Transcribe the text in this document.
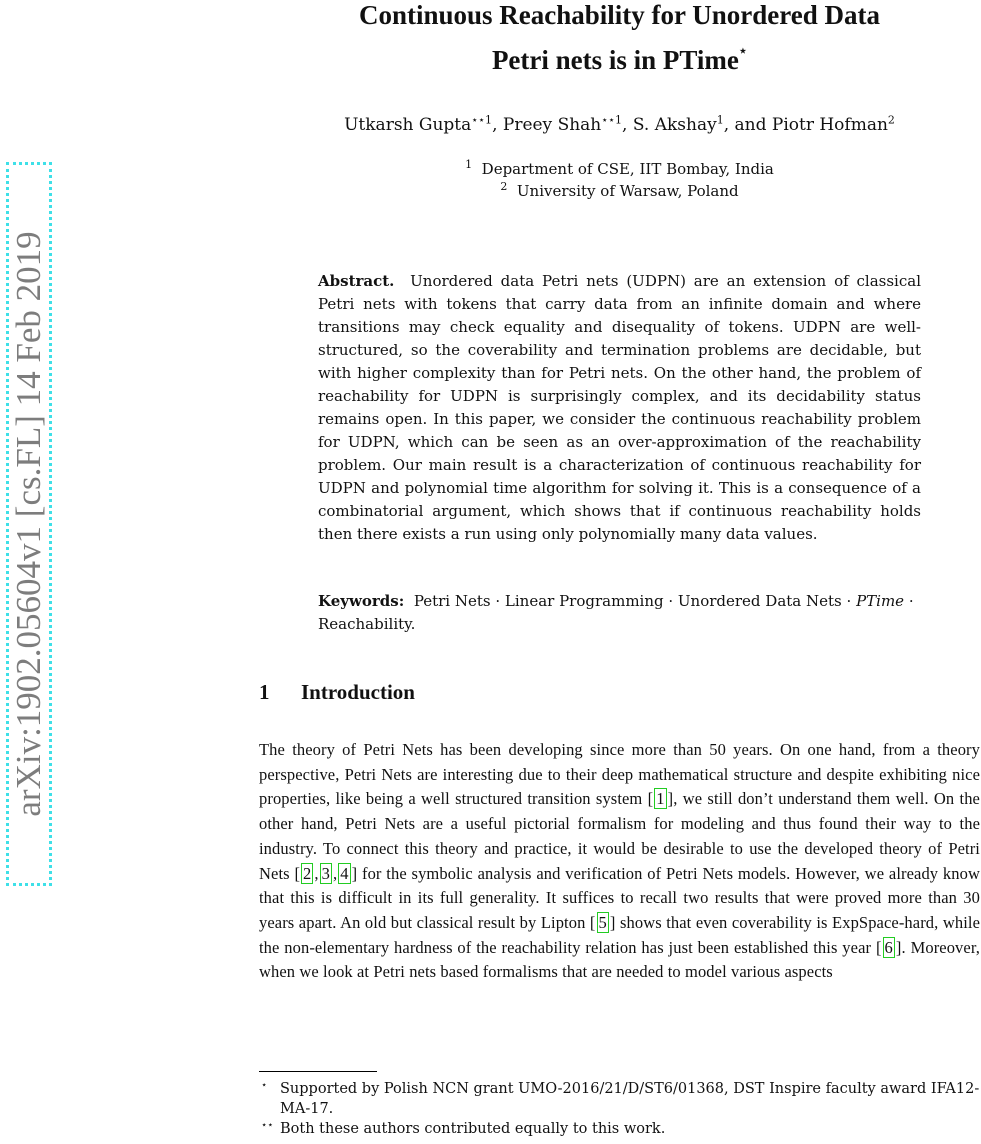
arXiv:1902.05604v1 [cs.FL] 14 Feb 2019
Continuous Reachability for Unordered Data
Petri nets is in PTime⋆
Utkarsh Gupta$^{⋆⋆1}$, Preey Shah$^{⋆⋆1}$, S. Akshay$^1$, and Piotr Hofman$^2$
$^1$ Department of CSE, IIT Bombay, India
$^2$ University of Warsaw, Poland
Abstract. Unordered data Petri nets (UDPN) are an extension of classical Petri nets with tokens that carry data from an infinite domain and where transitions may check equality and disequality of tokens. UDPN are well-structured, so the coverability and termination problems are decidable, but with higher complexity than for Petri nets. On the other hand, the problem of reachability for UDPN is surprisingly complex, and its decidability status remains open. In this paper, we consider the continuous reachability problem for UDPN, which can be seen as an over-approximation of the reachability problem. Our main result is a characterization of continuous reachability for UDPN and polynomial time algorithm for solving it. This is a consequence of a combinatorial argument, which shows that if continuous reachability holds then there exists a run using only polynomially many data values.
Keywords: Petri Nets · Linear Programming · Unordered Data Nets · PTime · Reachability.
1 Introduction
The theory of Petri Nets has been developing since more than 50 years. On one hand, from a theory perspective, Petri Nets are interesting due to their deep mathematical structure and despite exhibiting nice properties, like being a well structured transition system [ 1 ], we still don’t understand them well. On the other hand, Petri Nets are a useful pictorial formalism for modeling and thus found their way to the industry. To connect this theory and practice, it would be desirable to use the developed theory of Petri Nets [ 2 , 3 , 4 ] for the symbolic analysis and verification of Petri Nets models. However, we already know that this is difficult in its full generality. It suffices to recall two results that were proved more than 30 years apart. An old but classical result by Lipton [ 5 ] shows that even coverability is ExpSpace-hard, while the non-elementary hardness of the reachability relation has just been established this year [ 6 ]. Moreover, when we look at Petri nets based formalisms that are needed to model various aspects
⋆ Supported by Polish NCN grant UMO-2016/21/D/ST6/01368, DST Inspire faculty award IFA12-MA-17.
⋆⋆ Both these authors contributed equally to this work.
